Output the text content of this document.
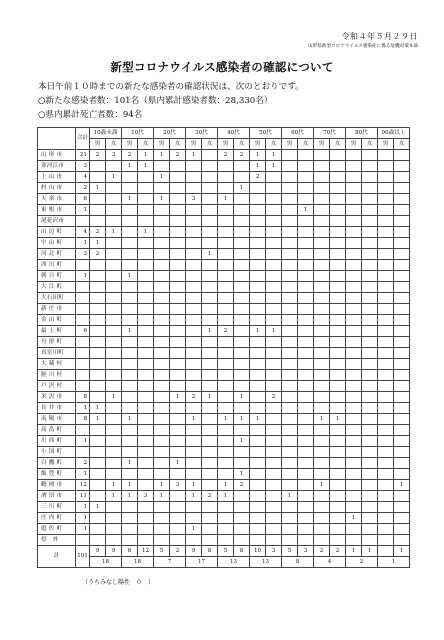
令和４年５月２９日
山形県新型コロナウイルス感染症に係る危機対策本部
新型コロナウイルス感染者の確認について
本日午前１０時までの新たな感染者の確認状況は、次のとおりです。
○新たな感染者数：101名（県内累計感染者数：28,330名）
○県内累計死亡者数：94名
	合計	10歳未満		10代		20代		30代		40代		50代		60代		70代		80代		90歳以上	
		男	女	男	女	男	女	男	女	男	女	男	女	男	女	男	女	男	女	男	女
山 形 市	21	2	3	2	1	1	2	1		2	2	1	1								
寒河江市	3			1	1							1	1								
上 山 市	4		1			1						2									
村 山 市	2	1									1										
天 童 市	6			1		1		3		1											
東 根 市	1														1						
尾花沢市																					
山 辺 町	4	2	1		1																
中 山 町	1	1																			
河 北 町	3	2							1												
西 川 町																					
朝 日 町	1			1																	
大 江 町																					
大石田町																					
新 庄 市																					
金 山 町																					
最 上 町	6			1					1	2		1	1								
舟 形 町																					
真室川町																					
大 蔵 村																					
鮭 川 村																					
戸 沢 村																					
米 沢 市	8		1				1	2	1		1		2								
長 井 市	1	1																			
南 陽 市	8	1		1				1		1	1	1				1	1				
高 畠 町																					
川 西 町	1										1										
小 国 町																					
白 鷹 町	2			1			1														
飯 豊 町	1										1										
鶴 岡 市	12		1	1		1	3	1		1	2					1					1
酒 田 市	11		1	1	3	1		1	2	1				1							
三 川 町	1	1																			
庄 内 町	1																	1			
遊 佐 町	1							1													
県　外																					
計	101	9	9	6	12	5	2	9	8	5	8	10	3	5	3	2	2	1	1		1
		18		18		7		17		13		13		8		4		2		1	
（うちみなし陽性　０　）
